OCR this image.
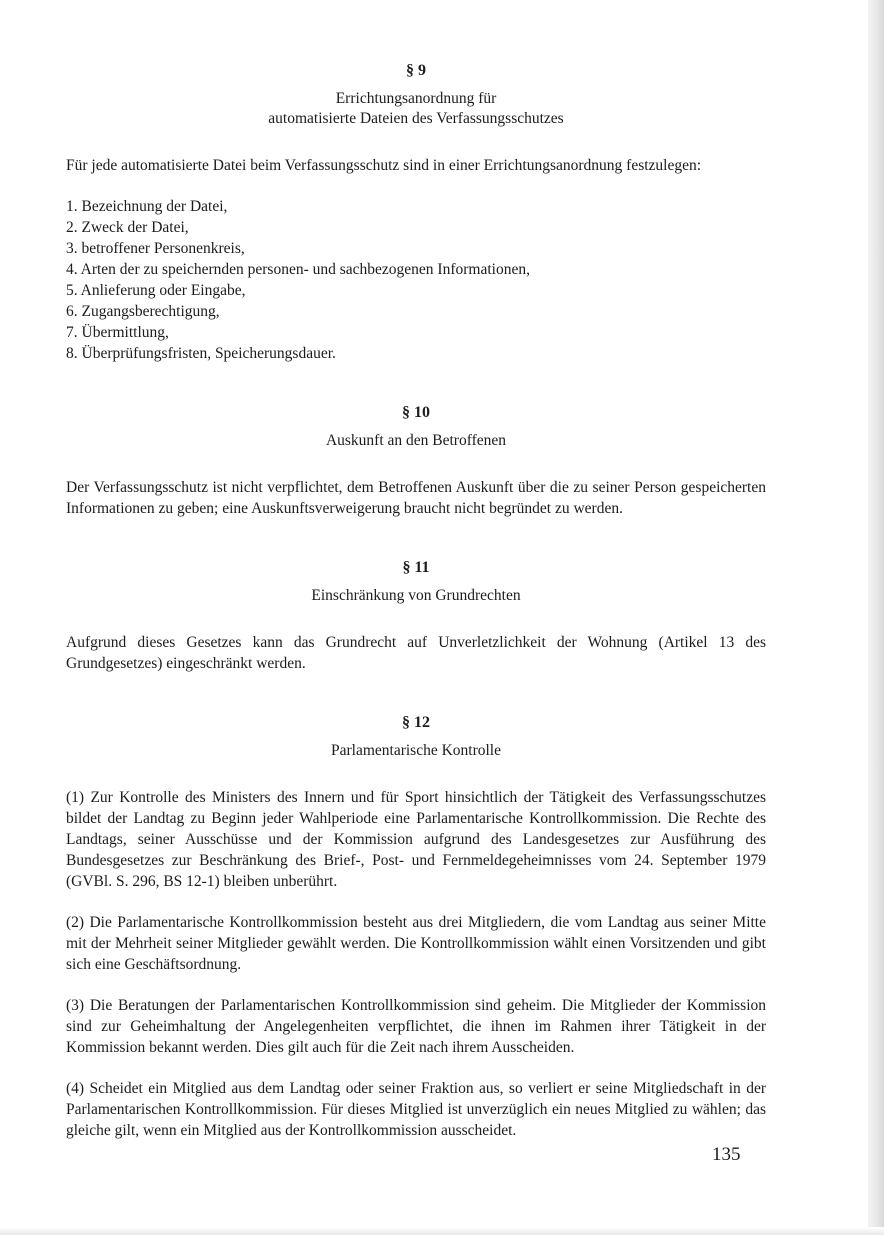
§ 9
Errichtungsanordnung für
automatisierte Dateien des Verfassungsschutzes

Für jede automatisierte Datei beim Verfassungsschutz sind in einer Errichtungsanordnung festzulegen:

1. Bezeichnung der Datei,
2. Zweck der Datei,
3. betroffener Personenkreis,
4. Arten der zu speichernden personen- und sachbezogenen Informationen,
5. Anlieferung oder Eingabe,
6. Zugangsberechtigung,
7. Übermittlung,
8. Überprüfungsfristen, Speicherungsdauer.
§ 10
Auskunft an den Betroffenen

Der Verfassungsschutz ist nicht verpflichtet, dem Betroffenen Auskunft über die zu seiner Person gespeicherten Informationen zu geben; eine Auskunftsverweigerung braucht nicht begründet zu werden.

§ 11
Einschränkung von Grundrechten

Aufgrund dieses Gesetzes kann das Grundrecht auf Unverletzlichkeit der Wohnung (Artikel 13 des Grundgesetzes) eingeschränkt werden.

§ 12
Parlamentarische Kontrolle

(1) Zur Kontrolle des Ministers des Innern und für Sport hinsichtlich der Tätigkeit des Verfassungsschutzes bildet der Landtag zu Beginn jeder Wahlperiode eine Parlamentarische Kontrollkommission. Die Rechte des Landtags, seiner Ausschüsse und der Kommission aufgrund des Landesgesetzes zur Ausführung des Bundesgesetzes zur Beschränkung des Brief-, Post- und Fernmeldegeheimnisses vom 24. September 1979 (GVBl. S. 296, BS 12-1) bleiben unberührt.

(2) Die Parlamentarische Kontrollkommission besteht aus drei Mitgliedern, die vom Landtag aus seiner Mitte mit der Mehrheit seiner Mitglieder gewählt werden. Die Kontrollkommission wählt einen Vorsitzenden und gibt sich eine Geschäftsordnung.

(3) Die Beratungen der Parlamentarischen Kontrollkommission sind geheim. Die Mitglieder der Kommission sind zur Geheimhaltung der Angelegenheiten verpflichtet, die ihnen im Rahmen ihrer Tätigkeit in der Kommission bekannt werden. Dies gilt auch für die Zeit nach ihrem Ausscheiden.

(4) Scheidet ein Mitglied aus dem Landtag oder seiner Fraktion aus, so verliert er seine Mitgliedschaft in der Parlamentarischen Kontrollkommission. Für dieses Mitglied ist unverzüglich ein neues Mitglied zu wählen; das gleiche gilt, wenn ein Mitglied aus der Kontrollkommission ausscheidet.

135
